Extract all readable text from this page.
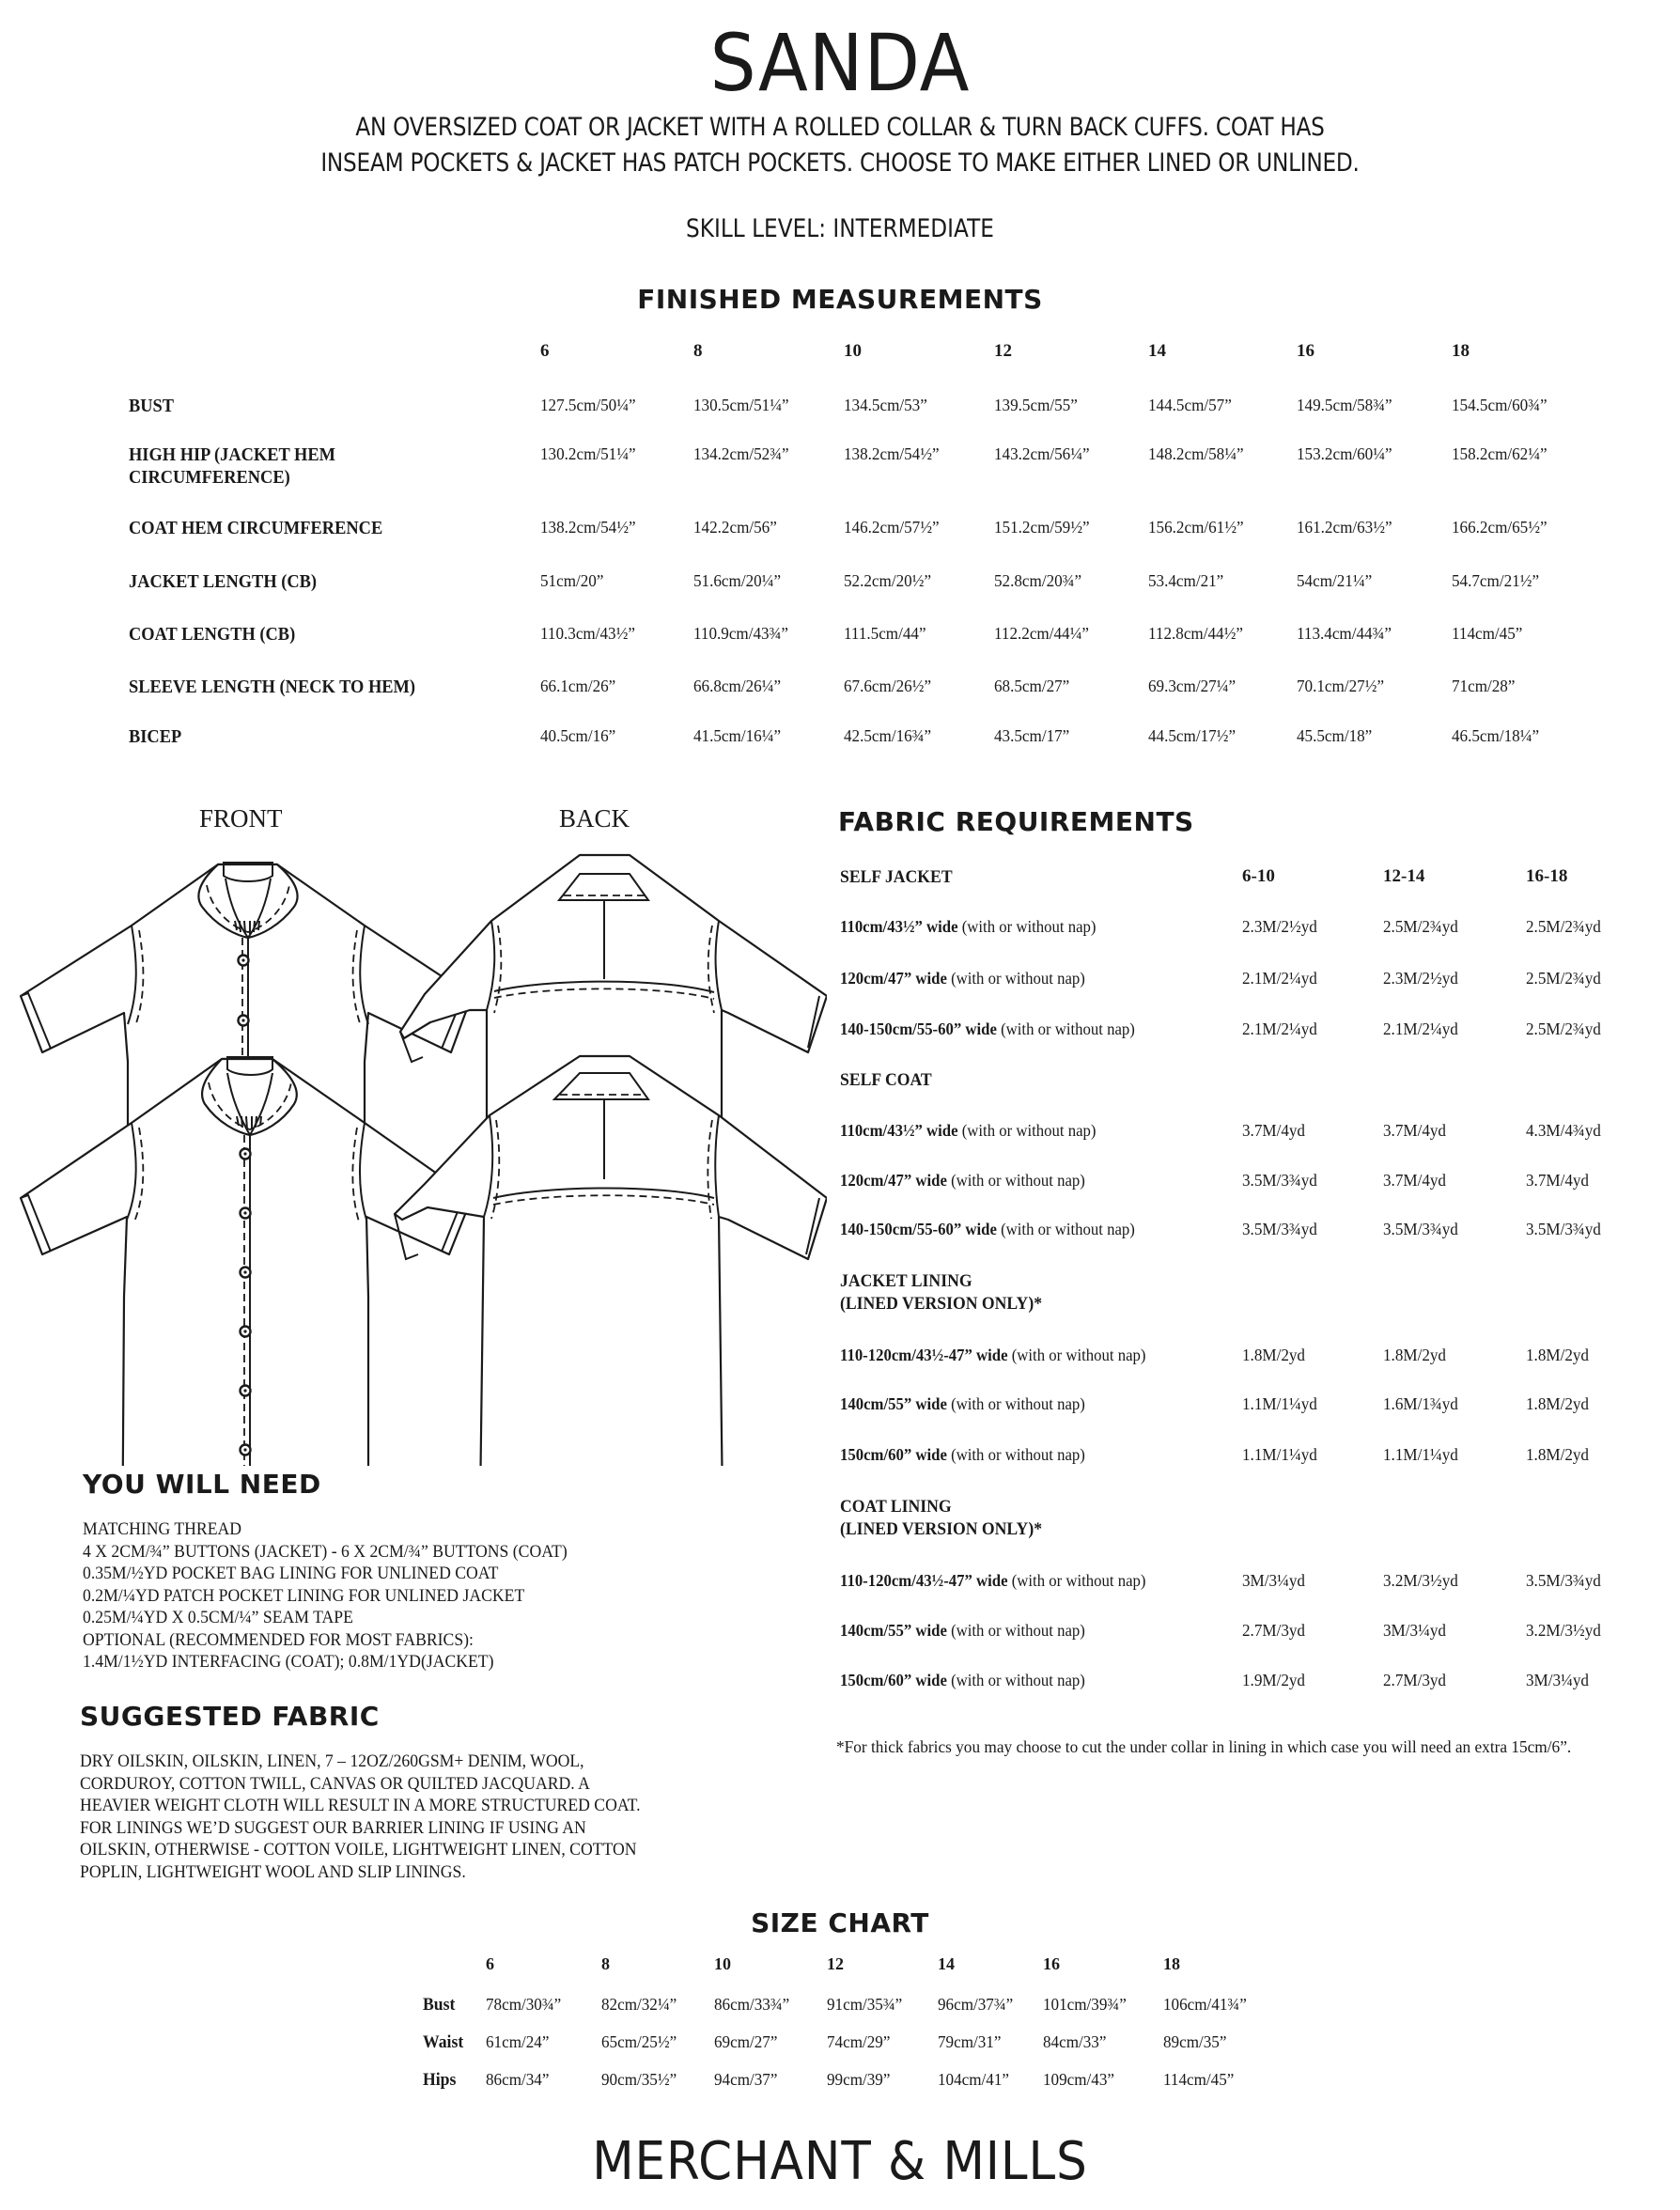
SANDA
AN OVERSIZED COAT OR JACKET WITH A ROLLED COLLAR & TURN BACK CUFFS. COAT HAS
INSEAM POCKETS & JACKET HAS PATCH POCKETS. CHOOSE TO MAKE EITHER LINED OR UNLINED.
SKILL LEVEL: INTERMEDIATE
FINISHED MEASUREMENTS
6	8	10	12	14	16	18
BUST	127.5cm/50¼”	130.5cm/51¼”	134.5cm/53”	139.5cm/55”	144.5cm/57”	149.5cm/58¾”	154.5cm/60¾”
HIGH HIP (JACKET HEM
CIRCUMFERENCE)
130.2cm/51¼”	134.2cm/52¾”	138.2cm/54½”	143.2cm/56¼”	148.2cm/58¼”	153.2cm/60¼”	158.2cm/62¼”
COAT HEM CIRCUMFERENCE	138.2cm/54½”	142.2cm/56”	146.2cm/57½”	151.2cm/59½”	156.2cm/61½”	161.2cm/63½”	166.2cm/65½”
JACKET LENGTH (CB)	51cm/20”	51.6cm/20¼”	52.2cm/20½”	52.8cm/20¾”	53.4cm/21”	54cm/21¼”	54.7cm/21½”
COAT LENGTH (CB)	110.3cm/43½”	110.9cm/43¾”	111.5cm/44”	112.2cm/44¼”	112.8cm/44½”	113.4cm/44¾”	114cm/45”
SLEEVE LENGTH (NECK TO HEM)	66.1cm/26”	66.8cm/26¼”	67.6cm/26½”	68.5cm/27”	69.3cm/27¼”	70.1cm/27½”	71cm/28”
BICEP	40.5cm/16”	41.5cm/16¼”	42.5cm/16¾”	43.5cm/17”	44.5cm/17½”	45.5cm/18”	46.5cm/18¼”
FRONT	BACK	FABRIC REQUIREMENTS
6-10	12-14	16-18
SELF JACKET
110cm/43½” wide (with or without nap)	2.3M/2½yd	2.5M/2¾yd	2.5M/2¾yd
120cm/47” wide (with or without nap)	2.1M/2¼yd	2.3M/2½yd	2.5M/2¾yd
140-150cm/55-60” wide (with or without nap)	2.1M/2¼yd	2.1M/2¼yd	2.5M/2¾yd
SELF COAT
110cm/43½” wide (with or without nap)	3.7M/4yd	3.7M/4yd	4.3M/4¾yd
120cm/47” wide (with or without nap)	3.5M/3¾yd	3.7M/4yd	3.7M/4yd
140-150cm/55-60” wide (with or without nap)	3.5M/3¾yd	3.5M/3¾yd	3.5M/3¾yd
JACKET LINING
(LINED VERSION ONLY)*
110-120cm/43½-47” wide (with or without nap)	1.8M/2yd	1.8M/2yd	1.8M/2yd
140cm/55” wide (with or without nap)	1.1M/1¼yd	1.6M/1¾yd	1.8M/2yd
150cm/60” wide (with or without nap)	1.1M/1¼yd	1.1M/1¼yd	1.8M/2yd
COAT LINING
(LINED VERSION ONLY)*
110-120cm/43½-47” wide (with or without nap)	3M/3¼yd	3.2M/3½yd	3.5M/3¾yd
140cm/55” wide (with or without nap)	2.7M/3yd	3M/3¼yd	3.2M/3½yd
150cm/60” wide (with or without nap)	1.9M/2yd	2.7M/3yd	3M/3¼yd
*For thick fabrics you may choose to cut the under collar in lining in which case you will need an extra 15cm/6”.
YOU WILL NEED
MATCHING THREAD
4 X 2CM/¾” BUTTONS (JACKET) - 6 X 2CM/¾” BUTTONS (COAT)
0.35M/½YD POCKET BAG LINING FOR UNLINED COAT
0.2M/¼YD PATCH POCKET LINING FOR UNLINED JACKET
0.25M/¼YD X 0.5CM/¼” SEAM TAPE
OPTIONAL (RECOMMENDED FOR MOST FABRICS):
1.4M/1½YD INTERFACING (COAT); 0.8M/1YD(JACKET)
SUGGESTED FABRIC
DRY OILSKIN, OILSKIN, LINEN, 7 – 12OZ/260GSM+ DENIM, WOOL,
CORDUROY, COTTON TWILL, CANVAS OR QUILTED JACQUARD. A
HEAVIER WEIGHT CLOTH WILL RESULT IN A MORE STRUCTURED COAT.
FOR LININGS WE’D SUGGEST OUR BARRIER LINING IF USING AN
OILSKIN, OTHERWISE - COTTON VOILE, LIGHTWEIGHT LINEN, COTTON
POPLIN, LIGHTWEIGHT WOOL AND SLIP LININGS.
SIZE CHART
6	8	10	12	14	16	18
Bust 78cm/30¾” 82cm/32¼” 86cm/33¾” 91cm/35¾” 96cm/37¾” 101cm/39¾” 106cm/41¾”
Waist 61cm/24”	65cm/25½” 69cm/27”	74cm/29”	79cm/31” 84cm/33”	89cm/35”
Hips 86cm/34”	90cm/35½” 94cm/37”	99cm/39”	104cm/41” 109cm/43”	114cm/45”
MERCHANT & MILLS
